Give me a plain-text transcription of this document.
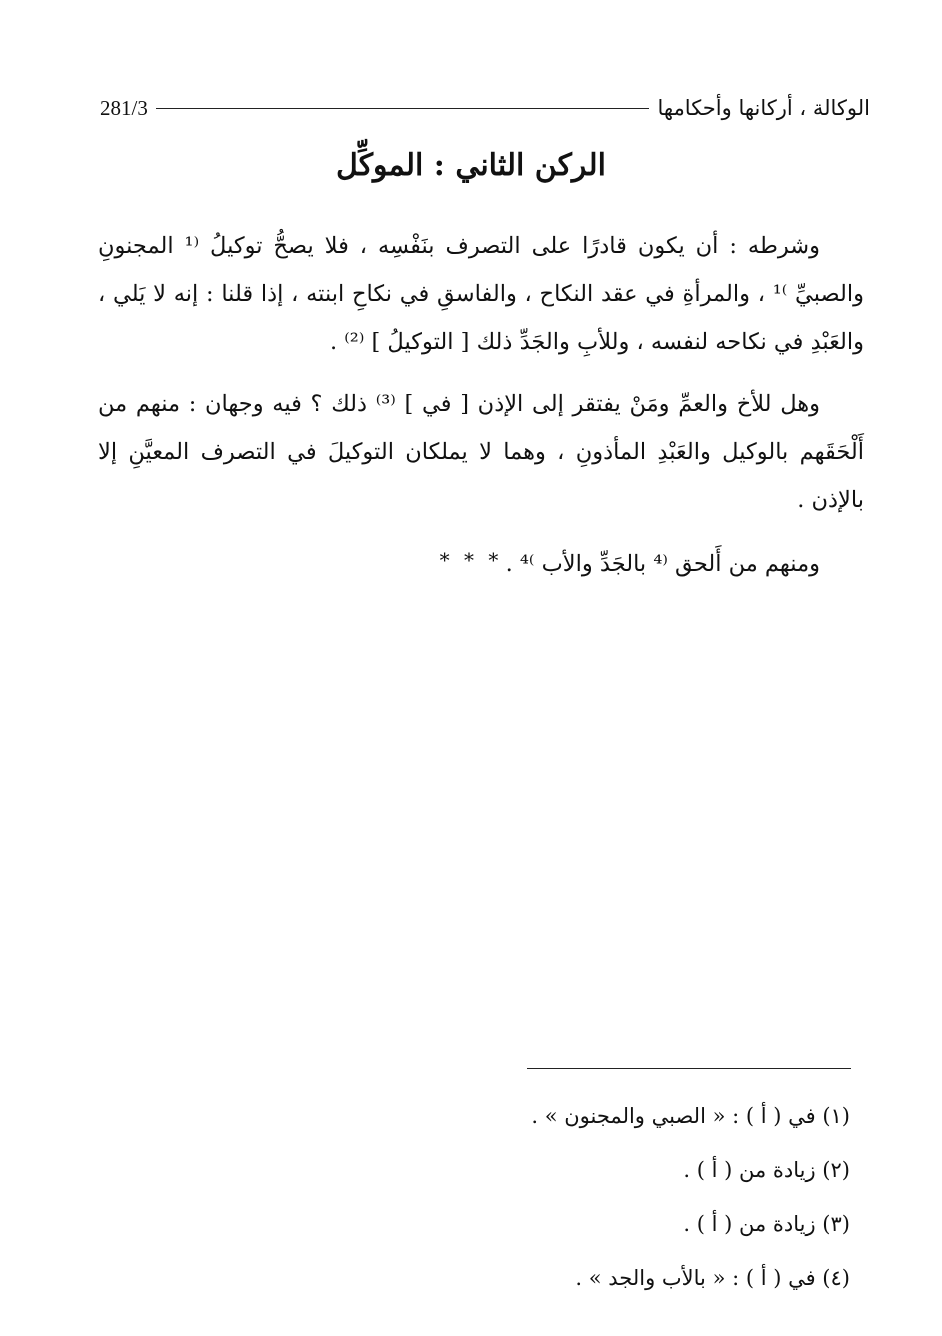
الوكالة ، أركانها وأحكامها
281/3
الركن الثاني : الموكِّل

وشرطه : أن يكون قادرًا على التصرف بنَفْسِه ، فلا يصحُّ توكيلُ ⁽¹ المجنونِ والصبيِّ ⁾¹ ، والمرأةِ في عقد النكاح ، والفاسقِ في نكاحِ ابنته ، إذا قلنا : إنه لا يَلي ، والعَبْدِ في نكاحه لنفسه ، وللأبِ والجَدِّ ذلك [ التوكيلُ ] ⁽²⁾ .

وهل للأخ والعمِّ ومَنْ يفتقر إلى الإذن [ في ] ⁽³⁾ ذلك ؟ فيه وجهان : منهم من أَلْحَقَهم بالوكيل والعَبْدِ المأذونِ ، وهما لا يملكان التوكيلَ في التصرف المعيَّنِ إلا بالإذن .

ومنهم من أَلحق ⁽⁴ بالجَدِّ والأب ⁾⁴ .

* * *
(١) في ( أ ) : « الصبي والمجنون » .
(٢) زيادة من ( أ ) .
(٣) زيادة من ( أ ) .
(٤) في ( أ ) : « بالأب والجد » .
